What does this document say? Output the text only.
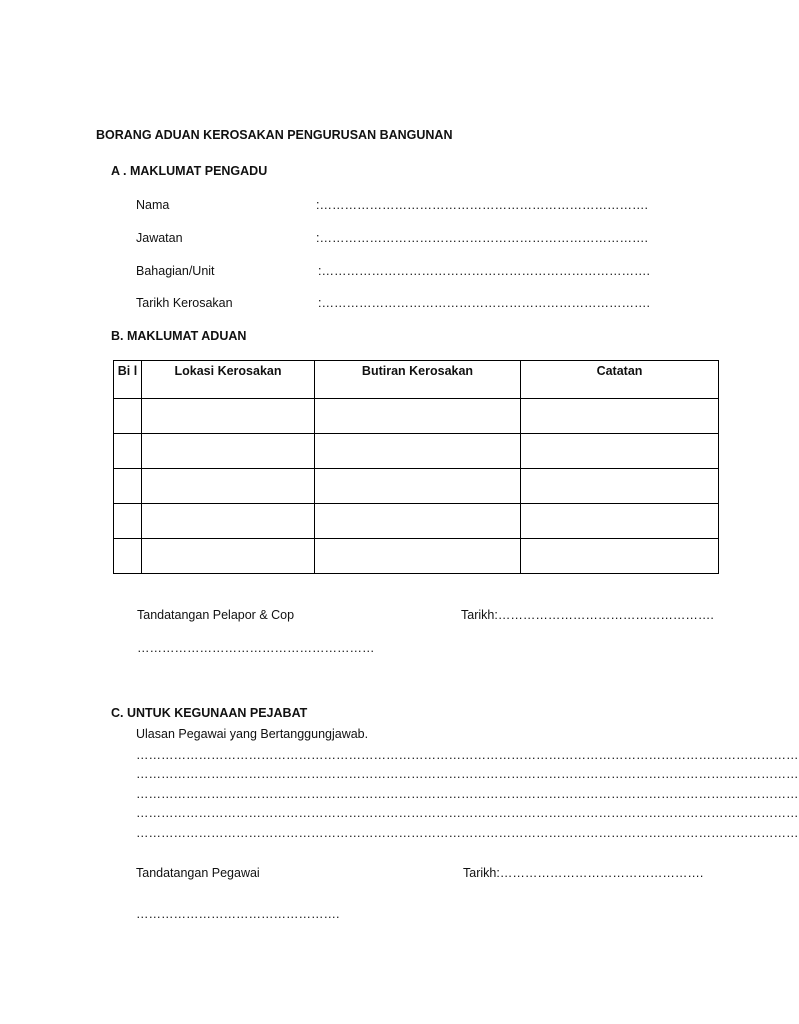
BORANG ADUAN KEROSAKAN PENGURUSAN BANGUNAN
A . MAKLUMAT PENGADU
Nama	:…………………………………………………………………….
Jawatan	:…………………………………………………………………….
Bahagian/Unit	:…………………………………………………………………….
Tarikh Kerosakan	:…………………………………………………………………….
B. MAKLUMAT ADUAN
Bi l	Lokasi Kerosakan	Butiran Kerosakan	Catatan

Tandatangan Pelapor & Cop	Tarikh:…………………………………………….
…………………………………………………
C. UNTUK KEGUNAAN PEJABAT
Ulasan Pegawai yang Bertanggungjawab.
……………………………………………………………………………………………………………………………………………
……………………………………………………………………………………………………………………………………………
……………………………………………………………………………………………………………………………………………
……………………………………………………………………………………………………………………………………………
……………………………………………………………………………………………………………………………………………
Tandatangan Pegawai	Tarikh:………………………………………….
………………………………………….
